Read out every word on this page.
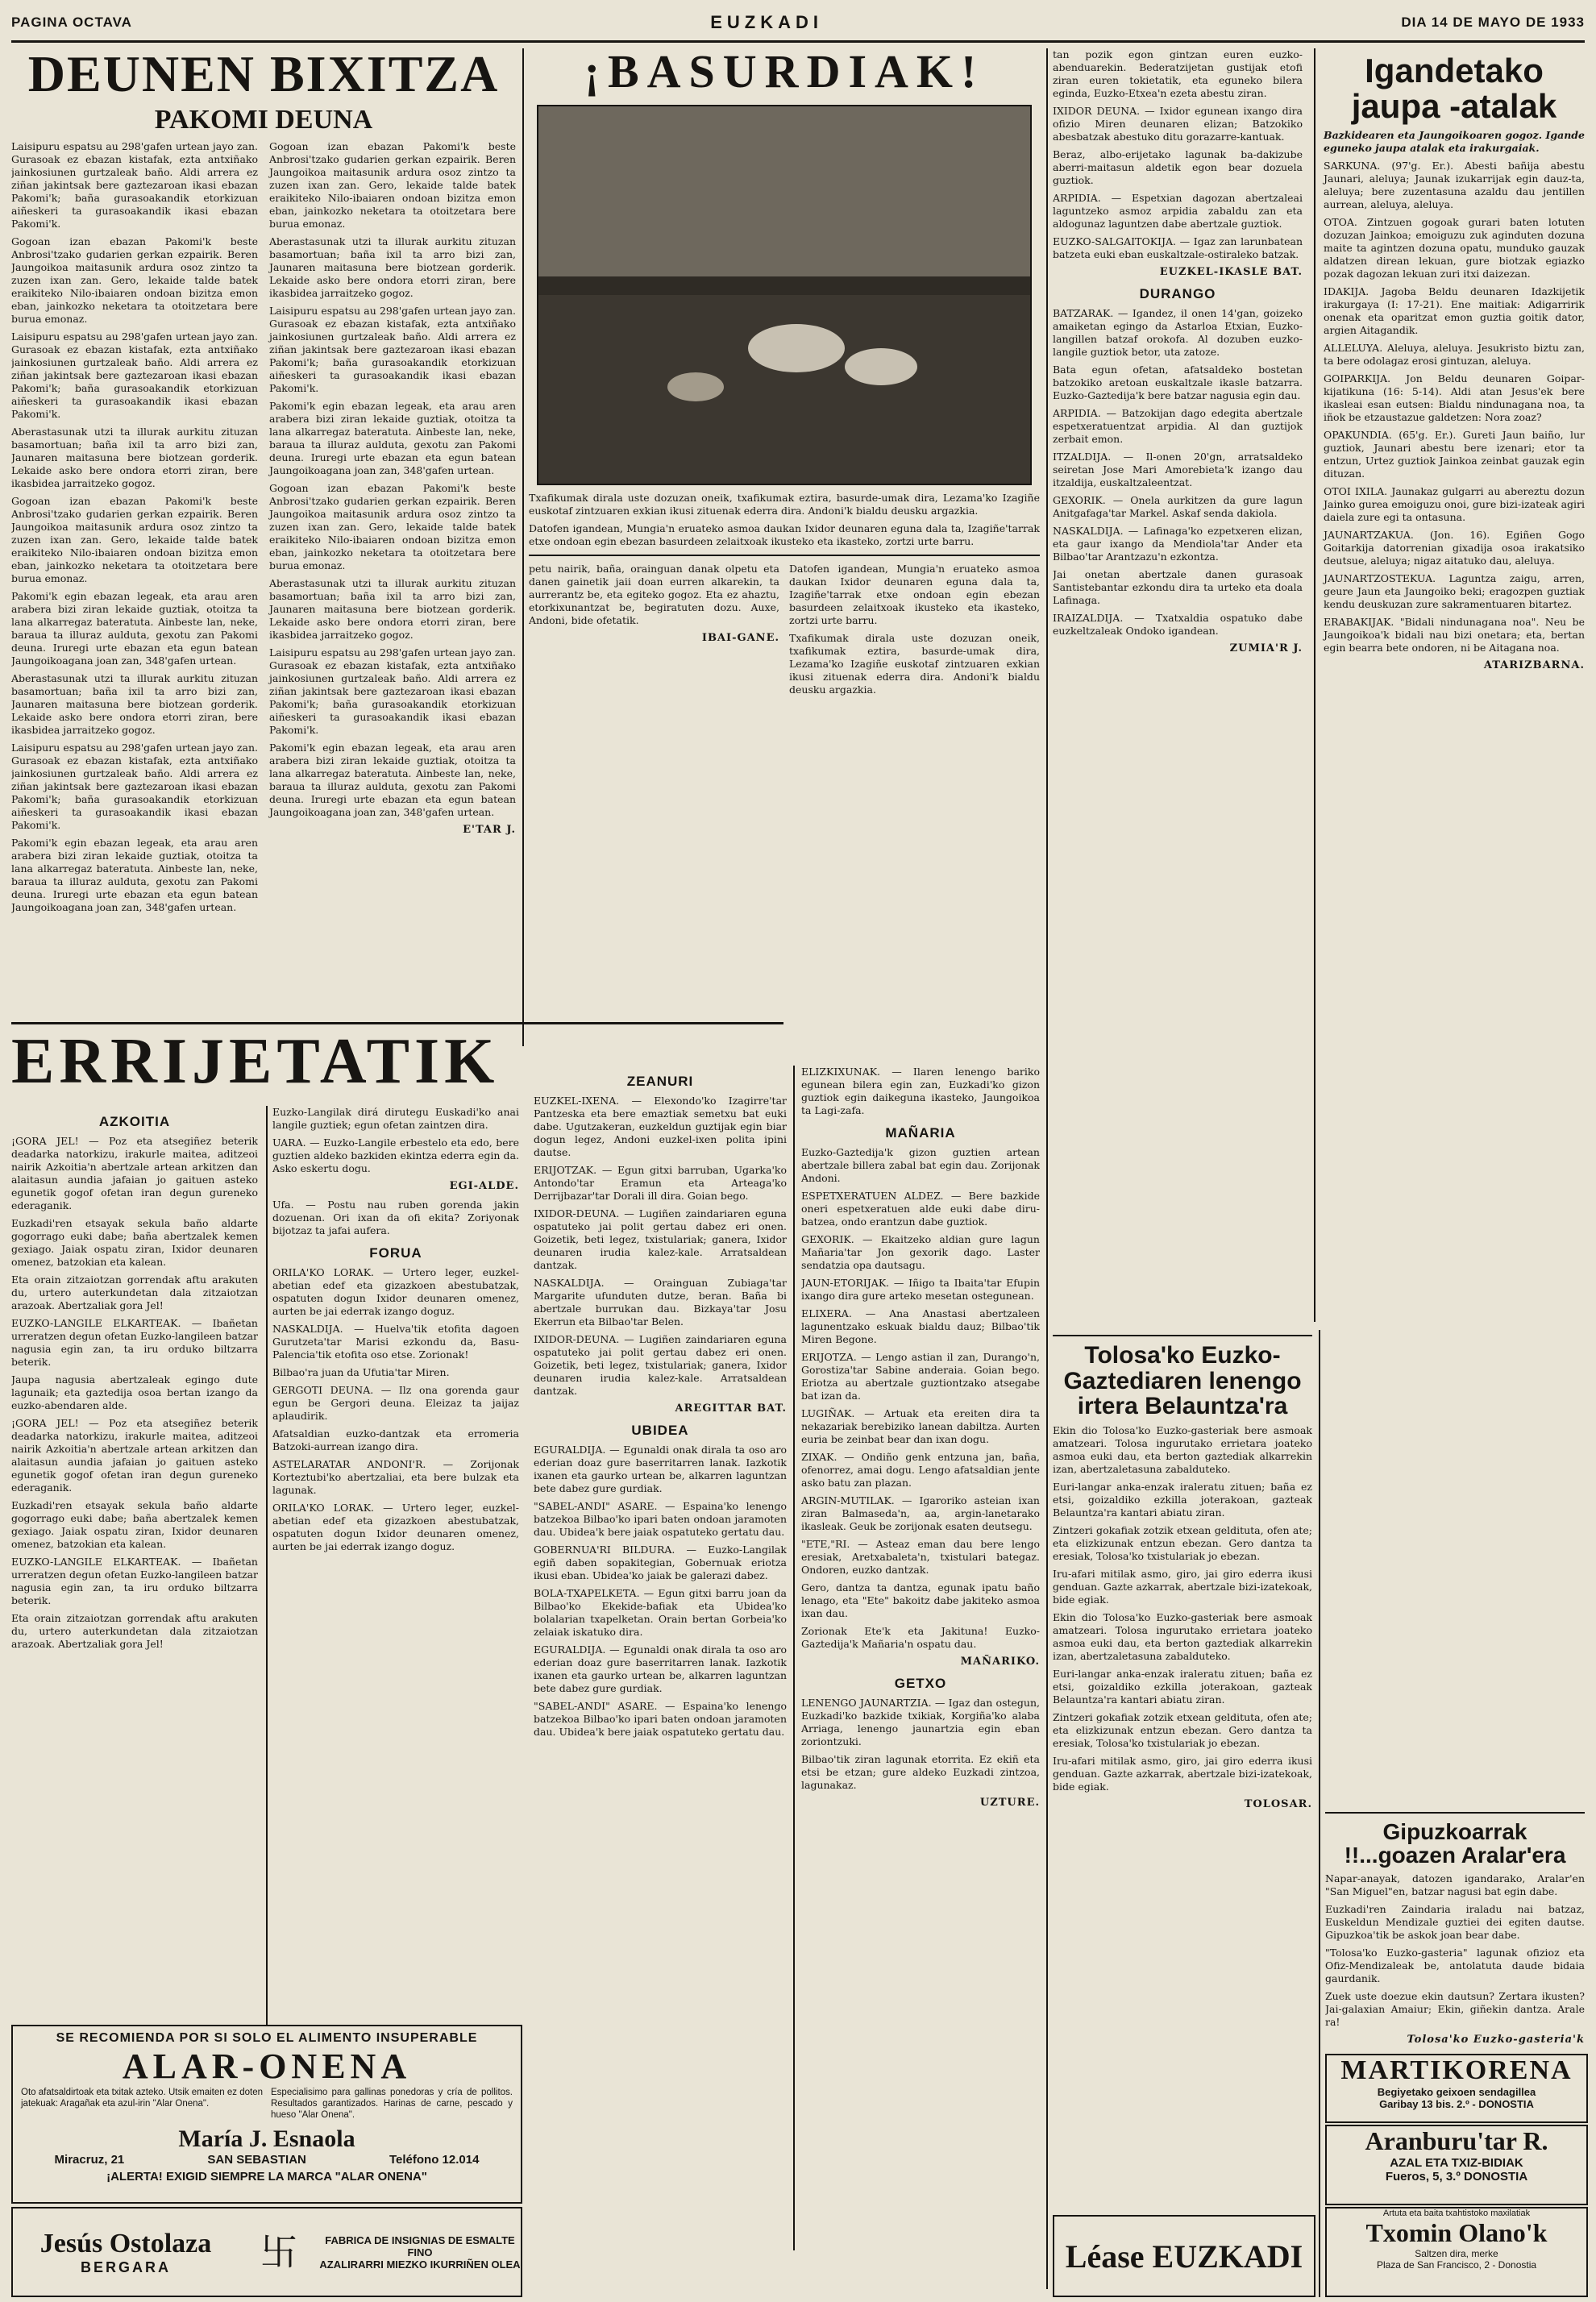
PAGINA OCTAVA	EUZKADI	DIA 14 DE MAYO DE 1933
DEUNEN BIXITZA
PAKOMI DEUNA

Laisipuru espatsu au 298'gafen urtean jayo zan. Gurasoak ez ebazan kistafak, ezta antxiñako jainkosiunen gurtzaleak baño. Aldi arrera ez ziñan jakintsak bere gaztezaroan ikasi ebazan Pakomi'k; baña gurasoakandik etorkizuan aiñeskeri ta gurasoakandik ikasi ebazan Pakomi'k.

Gogoan izan ebazan Pakomi'k beste Anbrosi'tzako gudarien gerkan ezpairik. Beren Jaungoikoa maitasunik ardura osoz zintzo ta zuzen ixan zan. Gero, lekaide talde batek eraikiteko Nilo-ibaiaren ondoan bizitza emon eban, jainkozko neketara ta otoitzetara bere burua emonaz.

Laisipuru espatsu au 298'gafen urtean jayo zan. Gurasoak ez ebazan kistafak, ezta antxiñako jainkosiunen gurtzaleak baño. Aldi arrera ez ziñan jakintsak bere gaztezaroan ikasi ebazan Pakomi'k; baña gurasoakandik etorkizuan aiñeskeri ta gurasoakandik ikasi ebazan Pakomi'k.

Aberastasunak utzi ta illurak aurkitu zituzan basamortuan; baña ixil ta arro bizi zan, Jaunaren maitasuna bere biotzean gorderik. Lekaide asko bere ondora etorri ziran, bere ikasbidea jarraitzeko gogoz.

Gogoan izan ebazan Pakomi'k beste Anbrosi'tzako gudarien gerkan ezpairik. Beren Jaungoikoa maitasunik ardura osoz zintzo ta zuzen ixan zan. Gero, lekaide talde batek eraikiteko Nilo-ibaiaren ondoan bizitza emon eban, jainkozko neketara ta otoitzetara bere burua emonaz.

Pakomi'k egin ebazan legeak, eta arau aren arabera bizi ziran lekaide guztiak, otoitza ta lana alkarregaz bateratuta. Ainbeste lan, neke, baraua ta illuraz aulduta, gexotu zan Pakomi deuna. Iruregi urte ebazan eta egun batean Jaungoikoagana joan zan, 348'gafen urtean.

Aberastasunak utzi ta illurak aurkitu zituzan basamortuan; baña ixil ta arro bizi zan, Jaunaren maitasuna bere biotzean gorderik. Lekaide asko bere ondora etorri ziran, bere ikasbidea jarraitzeko gogoz.

Laisipuru espatsu au 298'gafen urtean jayo zan. Gurasoak ez ebazan kistafak, ezta antxiñako jainkosiunen gurtzaleak baño. Aldi arrera ez ziñan jakintsak bere gaztezaroan ikasi ebazan Pakomi'k; baña gurasoakandik etorkizuan aiñeskeri ta gurasoakandik ikasi ebazan Pakomi'k.

Pakomi'k egin ebazan legeak, eta arau aren arabera bizi ziran lekaide guztiak, otoitza ta lana alkarregaz bateratuta. Ainbeste lan, neke, baraua ta illuraz aulduta, gexotu zan Pakomi deuna. Iruregi urte ebazan eta egun batean Jaungoikoagana joan zan, 348'gafen urtean.

Gogoan izan ebazan Pakomi'k beste Anbrosi'tzako gudarien gerkan ezpairik. Beren Jaungoikoa maitasunik ardura osoz zintzo ta zuzen ixan zan. Gero, lekaide talde batek eraikiteko Nilo-ibaiaren ondoan bizitza emon eban, jainkozko neketara ta otoitzetara bere burua emonaz.

Aberastasunak utzi ta illurak aurkitu zituzan basamortuan; baña ixil ta arro bizi zan, Jaunaren maitasuna bere biotzean gorderik. Lekaide asko bere ondora etorri ziran, bere ikasbidea jarraitzeko gogoz.

Laisipuru espatsu au 298'gafen urtean jayo zan. Gurasoak ez ebazan kistafak, ezta antxiñako jainkosiunen gurtzaleak baño. Aldi arrera ez ziñan jakintsak bere gaztezaroan ikasi ebazan Pakomi'k; baña gurasoakandik etorkizuan aiñeskeri ta gurasoakandik ikasi ebazan Pakomi'k.

Pakomi'k egin ebazan legeak, eta arau aren arabera bizi ziran lekaide guztiak, otoitza ta lana alkarregaz bateratuta. Ainbeste lan, neke, baraua ta illuraz aulduta, gexotu zan Pakomi deuna. Iruregi urte ebazan eta egun batean Jaungoikoagana joan zan, 348'gafen urtean.

Gogoan izan ebazan Pakomi'k beste Anbrosi'tzako gudarien gerkan ezpairik. Beren Jaungoikoa maitasunik ardura osoz zintzo ta zuzen ixan zan. Gero, lekaide talde batek eraikiteko Nilo-ibaiaren ondoan bizitza emon eban, jainkozko neketara ta otoitzetara bere burua emonaz.

Aberastasunak utzi ta illurak aurkitu zituzan basamortuan; baña ixil ta arro bizi zan, Jaunaren maitasuna bere biotzean gorderik. Lekaide asko bere ondora etorri ziran, bere ikasbidea jarraitzeko gogoz.

Laisipuru espatsu au 298'gafen urtean jayo zan. Gurasoak ez ebazan kistafak, ezta antxiñako jainkosiunen gurtzaleak baño. Aldi arrera ez ziñan jakintsak bere gaztezaroan ikasi ebazan Pakomi'k; baña gurasoakandik etorkizuan aiñeskeri ta gurasoakandik ikasi ebazan Pakomi'k.

Pakomi'k egin ebazan legeak, eta arau aren arabera bizi ziran lekaide guztiak, otoitza ta lana alkarregaz bateratuta. Ainbeste lan, neke, baraua ta illuraz aulduta, gexotu zan Pakomi deuna. Iruregi urte ebazan eta egun batean Jaungoikoagana joan zan, 348'gafen urtean.

E'TAR J.

¡BASURDIAK!

Txafikumak dirala uste dozuzan oneik, txafikumak eztira, basurde-umak dira, Lezama'ko Izagiñe euskotaf zintzuaren exkian ikusi zituenak ederra dira. Andoni'k bialdu deusku argazkia.

Datofen igandean, Mungia'n eruateko asmoa daukan Ixidor deunaren eguna dala ta, Izagiñe'tarrak etxe ondoan egin ebezan basurdeen zelaitxoak ikusteko eta ikasteko, zortzi urte barru.

petu nairik, baña, orainguan danak olpetu eta danen gainetik jaii doan eurren alkarekin, ta aurrerantz be, eta egiteko gogoz. Eta ez ahaztu, etorkixunantzat be, begiratuten dozu. Auxe, Andoni, bide ofetatik.

IBAI-GANE.

Datofen igandean, Mungia'n eruateko asmoa daukan Ixidor deunaren eguna dala ta, Izagiñe'tarrak etxe ondoan egin ebezan basurdeen zelaitxoak ikusteko eta ikasteko, zortzi urte barru.

Txafikumak dirala uste dozuzan oneik, txafikumak eztira, basurde-umak dira, Lezama'ko Izagiñe euskotaf zintzuaren exkian ikusi zituenak ederra dira. Andoni'k bialdu deusku argazkia.

tan pozik egon gintzan euren euzko-abenduarekin. Bederatzijetan gustijak etofi ziran euren tokietatik, eta eguneko bilera eginda, Euzko-Etxea'n ezeta abestu ziran.

IXIDOR DEUNA. — Ixidor egunean ixango dira ofizio Miren deunaren elizan; Batzokiko abesbatzak abestuko ditu gorazarre-kantuak.

Beraz, albo-erijetako lagunak ba-dakizube aberri-maitasun aldetik egon bear dozuela guztiok.

ARPIDIA. — Espetxian dagozan abertzaleai laguntzeko asmoz arpidia zabaldu zan eta aldogunaz laguntzen dabe abertzale guztiok.

EUZKO-SALGAITOKIJA. — Igaz zan larunbatean batzeta euki eban euskaltzale-ostiraleko batzak.

EUZKEL-IKASLE BAT.

DURANGO

BATZARAK. — Igandez, il onen 14'gan, goizeko amaiketan egingo da Astarloa Etxian, Euzko-langillen batzaf orokofa. Al dozuben euzko-langile guztiok betor, uta zatoze.

Bata egun ofetan, afatsaldeko bostetan batzokiko aretoan euskaltzale ikasle batzarra. Euzko-Gaztedija'k bere batzar nagusia egin dau.

ARPIDIA. — Batzokijan dago edegita abertzale espetxeratuentzat arpidia. Al dan guztijok zerbait emon.

ITZALDIJA. — Il-onen 20'gn, arratsaldeko seiretan Jose Mari Amorebieta'k izango dau itzaldija, euskaltzaleentzat.

GEXORIK. — Onela aurkitzen da gure lagun Anitgafaga'tar Markel. Askaf senda dakiola.

NASKALDIJA. — Lafinaga'ko ezpetxeren elizan, eta gaur ixango da Mendiola'tar Ander eta Bilbao'tar Arantzazu'n ezkontza.

Jai onetan abertzale danen gurasoak Santistebantar ezkondu dira ta urteko eta doala Lafinaga.

IRAIZALDIJA. — Txatxaldia ospatuko dabe euzkeltzaleak Ondoko igandean.

ZUMIA'R J.

Igandetako jaupa -atalak

Bazkidearen eta Jaungoikoaren gogoz. Igande eguneko jaupa atalak eta irakurgaiak.

SARKUNA. (97'g. Er.). Abesti bañija abestu Jaunari, aleluya; Jaunak izukarrijak egin dauz-ta, aleluya; bere zuzentasuna azaldu dau jentillen aurrean, aleluya, aleluya.

OTOA. Zintzuen gogoak gurari baten lotuten dozuzan Jainkoa; emoiguzu zuk aginduten dozuna maite ta agintzen dozuna opatu, munduko gauzak aldatzen direan lekuan, gure biotzak egiazko pozak dagozan lekuan zuri itxi daizezan.

IDAKIJA. Jagoba Beldu deunaren Idazkijetik irakurgaya (I: 17-21). Ene maitiak: Adigarririk onenak eta oparitzat emon guztia goitik dator, argien Aitagandik.

ALLELUYA. Aleluya, aleluya. Jesukristo biztu zan, ta bere odolagaz erosi gintuzan, aleluya.

GOIPARKIJA. Jon Beldu deunaren Goipar-kijatikuna (16: 5-14). Aldi atan Jesus'ek bere ikasleai esan eutsen: Bialdu nindunagana noa, ta iñok be etzaustazue galdetzen: Nora zoaz?

OPAKUNDIA. (65'g. Er.). Gureti Jaun baiño, lur guztiok, Jaunari abestu bere izenari; etor ta entzun, Urtez guztiok Jainkoa zeinbat gauzak egin dituzan.

OTOI IXILA. Jaunakaz gulgarri au abereztu dozun Jainko gurea emoiguzu onoi, gure bizi-izateak agiri daiela zure egi ta ontasuna.

JAUNARTZAKUA. (Jon. 16). Egiñen Gogo Goitarkija datorrenian gixadija osoa irakatsiko deutsue, aleluya; nigaz aitatuko dau, aleluya.

JAUNARTZOSTEKUA. Laguntza zaigu, arren, geure Jaun eta Jaungoiko beki; eragozpen guztiak kendu deuskuzan zure sakramentuaren bitartez.

ERABAKIJAK. "Bidali nindunagana noa". Neu be Jaungoikoa'k bidali nau bizi onetara; eta, bertan egin bearra bete ondoren, ni be Aitagana noa.

ATARIZBARNA.

ERRIJETATIK
AZKOITIA

¡GORA JEL! — Poz eta atsegiñez beterik deadarka natorkizu, irakurle maitea, aditzeoi nairik Azkoitia'n abertzale artean arkitzen dan alaitasun aundia jafaian jo gaituen asteko egunetik gogof ofetan iran degun gureneko ederaganik.

Euzkadi'ren etsayak sekula baño aldarte gogorrago euki dabe; baña abertzalek kemen gexiago. Jaiak ospatu ziran, Ixidor deunaren omenez, batzokian eta kalean.

Eta orain zitzaiotzan gorrendak aftu arakuten du, urtero auterkundetan dala zitzaiotzan arazoak. Abertzaliak gora Jel!

EUZKO-LANGILE ELKARTEAK. — Ibañetan urreratzen degun ofetan Euzko-langileen batzar nagusia egin zan, ta iru orduko biltzarra beterik.

Jaupa nagusia abertzaleak egingo dute lagunaik; eta gaztedija osoa bertan izango da euzko-abendaren alde.

¡GORA JEL! — Poz eta atsegiñez beterik deadarka natorkizu, irakurle maitea, aditzeoi nairik Azkoitia'n abertzale artean arkitzen dan alaitasun aundia jafaian jo gaituen asteko egunetik gogof ofetan iran degun gureneko ederaganik.

Euzkadi'ren etsayak sekula baño aldarte gogorrago euki dabe; baña abertzalek kemen gexiago. Jaiak ospatu ziran, Ixidor deunaren omenez, batzokian eta kalean.

EUZKO-LANGILE ELKARTEAK. — Ibañetan urreratzen degun ofetan Euzko-langileen batzar nagusia egin zan, ta iru orduko biltzarra beterik.

Eta orain zitzaiotzan gorrendak aftu arakuten du, urtero auterkundetan dala zitzaiotzan arazoak. Abertzaliak gora Jel!

Euzko-Langilak dirá dirutegu Euskadi'ko anai langile guztiek; egun ofetan zaintzen dira.

UARA. — Euzko-Langile erbestelo eta edo, bere guztien aldeko bazkiden ekintza ederra egin da. Asko eskertu dogu.

EGI-ALDE.

Ufa. — Postu nau ruben gorenda jakin dozuenan. Ori ixan da ofi ekita? Zoriyonak bijotzaz ta jafai aufera.

FORUA

ORILA'KO LORAK. — Urtero leger, euzkel-abetian edef eta gizazkoen abestubatzak, ospatuten dogun Ixidor deunaren omenez, aurten be jai ederrak izango doguz.

NASKALDIJA. — Huelva'tik etofita dagoen Gurutzeta'tar Marisi ezkondu da, Basu-Palencia'tik etofita oso etse. Zorionak!

Bilbao'ra juan da Ufutia'tar Miren.

GERGOTI DEUNA. — Ilz ona gorenda gaur egun be Gergori deuna. Eleizaz ta jaijaz aplaudirik.

Afatsaldian euzko-dantzak eta erromeria Batzoki-aurrean izango dira.

ASTELARATAR ANDONI'R. — Zorijonak Korteztubi'ko abertzaliai, eta bere bulzak eta lagunak.

ORILA'KO LORAK. — Urtero leger, euzkel-abetian edef eta gizazkoen abestubatzak, ospatuten dogun Ixidor deunaren omenez, aurten be jai ederrak izango doguz.

ZEANURI

EUZKEL-IXENA. — Elexondo'ko Izagirre'tar Pantzeska eta bere emaztiak semetxu bat euki dabe. Ugutzakeran, euzkeldun guztijak egin biar dogun legez, Andoni euzkel-ixen polita ipini dautse.

ERIJOTZAK. — Egun gitxi barruban, Ugarka'ko Antondo'tar Eramun eta Arteaga'ko Derrijbazar'tar Dorali ill dira. Goian bego.

IXIDOR-DEUNA. — Lugiñen zaindariaren eguna ospatuteko jai polit gertau dabez eri onen. Goizetik, beti legez, txistulariak; ganera, Ixidor deunaren irudia kalez-kale. Arratsaldean dantzak.

NASKALDIJA. — Orainguan Zubiaga'tar Margarite ufunduten dutze, beran. Baña bi abertzale burrukan dau. Bizkaya'tar Josu Ekerrun eta Bilbao'tar Belen.

IXIDOR-DEUNA. — Lugiñen zaindariaren eguna ospatuteko jai polit gertau dabez eri onen. Goizetik, beti legez, txistulariak; ganera, Ixidor deunaren irudia kalez-kale. Arratsaldean dantzak.

AREGITTAR BAT.

UBIDEA

EGURALDIJA. — Egunaldi onak dirala ta oso aro ederian doaz gure baserritarren lanak. Iazkotik ixanen eta gaurko urtean be, alkarren laguntzan bete dabez gure gurdiak.

"SABEL-ANDI" ASARE. — Espaina'ko lenengo batzekoa Bilbao'ko ipari baten ondoan jaramoten dau. Ubidea'k bere jaiak ospatuteko gertatu dau.

GOBERNUA'RI BILDURA. — Euzko-Langilak egiñ daben sopakitegian, Gobernuak eriotza ikusi eban. Ubidea'ko jaiak be galerazi dabez.

BOLA-TXAPELKETA. — Egun gitxi barru joan da Bilbao'ko Ekekide-bafiak eta Ubidea'ko bolalarian txapelketan. Orain bertan Gorbeia'ko zelaiak iskatuko dira.

EGURALDIJA. — Egunaldi onak dirala ta oso aro ederian doaz gure baserritarren lanak. Iazkotik ixanen eta gaurko urtean be, alkarren laguntzan bete dabez gure gurdiak.

"SABEL-ANDI" ASARE. — Espaina'ko lenengo batzekoa Bilbao'ko ipari baten ondoan jaramoten dau. Ubidea'k bere jaiak ospatuteko gertatu dau.

ELIZKIXUNAK. — Ilaren lenengo bariko egunean bilera egin zan, Euzkadi'ko gizon guztiok egin daikeguna ikasteko, Jaungoikoa ta Lagi-zafa.

MAÑARIA

Euzko-Gaztedija'k gizon guztien artean abertzale billera zabal bat egin dau. Zorijonak Andoni.

ESPETXERATUEN ALDEZ. — Bere bazkide oneri espetxeratuen alde euki dabe diru-batzea, ondo erantzun dabe guztiok.

GEXORIK. — Ekaitzeko aldian gure lagun Mañaria'tar Jon gexorik dago. Laster sendatzia opa dautsagu.

JAUN-ETORIJAK. — Iñigo ta Ibaita'tar Efupin ixango dira gure arteko mesetan ostegunean.

ELIXERA. — Ana Anastasi abertzaleen lagunentzako eskuak bialdu dauz; Bilbao'tik Miren Begone.

ERIJOTZA. — Lengo astian il zan, Durango'n, Gorostiza'tar Sabine anderaia. Goian bego. Eriotza au abertzale guztiontzako atsegabe bat izan da.

LUGIÑAK. — Artuak eta ereiten dira ta nekazariak berebiziko lanean dabiltza. Aurten euria be zeinbat bear dan ixan dogu.

ZIXAK. — Ondiño genk entzuna jan, baña, ofenorrez, amai dogu. Lengo afatsaldian jente asko batu zan plazan.

ARGIN-MUTILAK. — Igaroriko asteian ixan ziran Balmaseda'n, aa, argin-lanetarako ikasleak. Geuk be zorijonak esaten deutsegu.

"ETE,"RI. — Asteaz eman dau bere lengo eresiak, Aretxabaleta'n, txistulari bategaz. Ondoren, euzko dantzak.

Gero, dantza ta dantza, egunak ipatu baño lenago, eta "Ete" bakoitz dabe jakiteko asmoa ixan dau.

Zorionak Ete'k eta Jakituna! Euzko-Gaztedija'k Mañaria'n ospatu dau.

MAÑARIKO.

GETXO

LENENGO JAUNARTZIA. — Igaz dan ostegun, Euzkadi'ko bazkide txikiak, Korgiña'ko alaba Arriaga, lenengo jaunartzia egin eban zoriontzuki.

Bilbao'tik ziran lagunak etorrita. Ez ekiñ eta etsi be etzan; gure aldeko Euzkadi zintzoa, lagunakaz.

UZTURE.

Tolosa'ko Euzko-Gaztediaren lenengo irtera Belauntza'ra

Ekin dio Tolosa'ko Euzko-gasteriak bere asmoak amatzeari. Tolosa ingurutako errietara joateko asmoa euki dau, eta berton gaztediak alkarrekin izan, abertzaletasuna zabalduteko.

Euri-langar anka-enzak iraleratu zituen; baña ez etsi, goizaldiko ezkilla joterakoan, gazteak Belauntza'ra kantari abiatu ziran.

Zintzeri gokafiak zotzik etxean geldituta, ofen ate; eta elizkizunak entzun ebezan. Gero dantza ta eresiak, Tolosa'ko txistulariak jo ebezan.

Iru-afari mitilak asmo, giro, jai giro ederra ikusi genduan. Gazte azkarrak, abertzale bizi-izatekoak, bide egiak.

Ekin dio Tolosa'ko Euzko-gasteriak bere asmoak amatzeari. Tolosa ingurutako errietara joateko asmoa euki dau, eta berton gaztediak alkarrekin izan, abertzaletasuna zabalduteko.

Euri-langar anka-enzak iraleratu zituen; baña ez etsi, goizaldiko ezkilla joterakoan, gazteak Belauntza'ra kantari abiatu ziran.

Zintzeri gokafiak zotzik etxean geldituta, ofen ate; eta elizkizunak entzun ebezan. Gero dantza ta eresiak, Tolosa'ko txistulariak jo ebezan.

Iru-afari mitilak asmo, giro, jai giro ederra ikusi genduan. Gazte azkarrak, abertzale bizi-izatekoak, bide egiak.

TOLOSAR.

Gipuzkoarrak !!...goazen Aralar'era

Napar-anayak, datozen igandarako, Aralar'en "San Miguel"en, batzar nagusi bat egin dabe.

Euzkadi'ren Zaindaria iraladu nai batzaz, Euskeldun Mendizale guztiei dei egiten dautse. Gipuzkoa'tik be askok joan bear dabe.

"Tolosa'ko Euzko-gasteria" lagunak ofizioz eta Ofiz-Mendizaleak be, antolatuta daude bidaia gaurdanik.

Zuek uste doezue ekin dautsun? Zertara ikusten? Jai-galaxian Amaiur; Ekin, giñekin dantza. Arale ra!

Tolosa'ko Euzko-gasteria'k

SE RECOMIENDA POR SI SOLO EL ALIMENTO INSUPERABLE
ALAR-ONENA

Oto afatsaldirtoak eta txitak azteko. Utsik emaiten ez doten jatekuak: Aragañak eta azul-irin "Alar Onena".

Especialisimo para gallinas ponedoras y cría de pollitos. Resultados garantizados. Harinas de carne, pescado y hueso "Alar Onena".

María J. Esnaola
Miracruz, 21	SAN SEBASTIAN	Teléfono 12.014
¡ALERTA! EXIGID SIEMPRE LA MARCA "ALAR ONENA"
Jesús Ostolaza
BERGARA	卐	FABRICA DE INSIGNIAS DE ESMALTE FINO
AZALIRARRI MIEZKO IKURRIÑEN OLEA	Léase EUZKADI
MARTIKORENA
Begiyetako geixoen sendagillea
Garibay 13 bis. 2.º - DONOSTIA
Aranburu'tar R.
AZAL ETA TXIZ-BIDIAK
Fueros, 5, 3.º DONOSTIA
Artuta eta baita txahtistoko maxilatiak
Txomin Olano'k
Saltzen dira, merke
Plaza de San Francisco, 2 - Donostia
